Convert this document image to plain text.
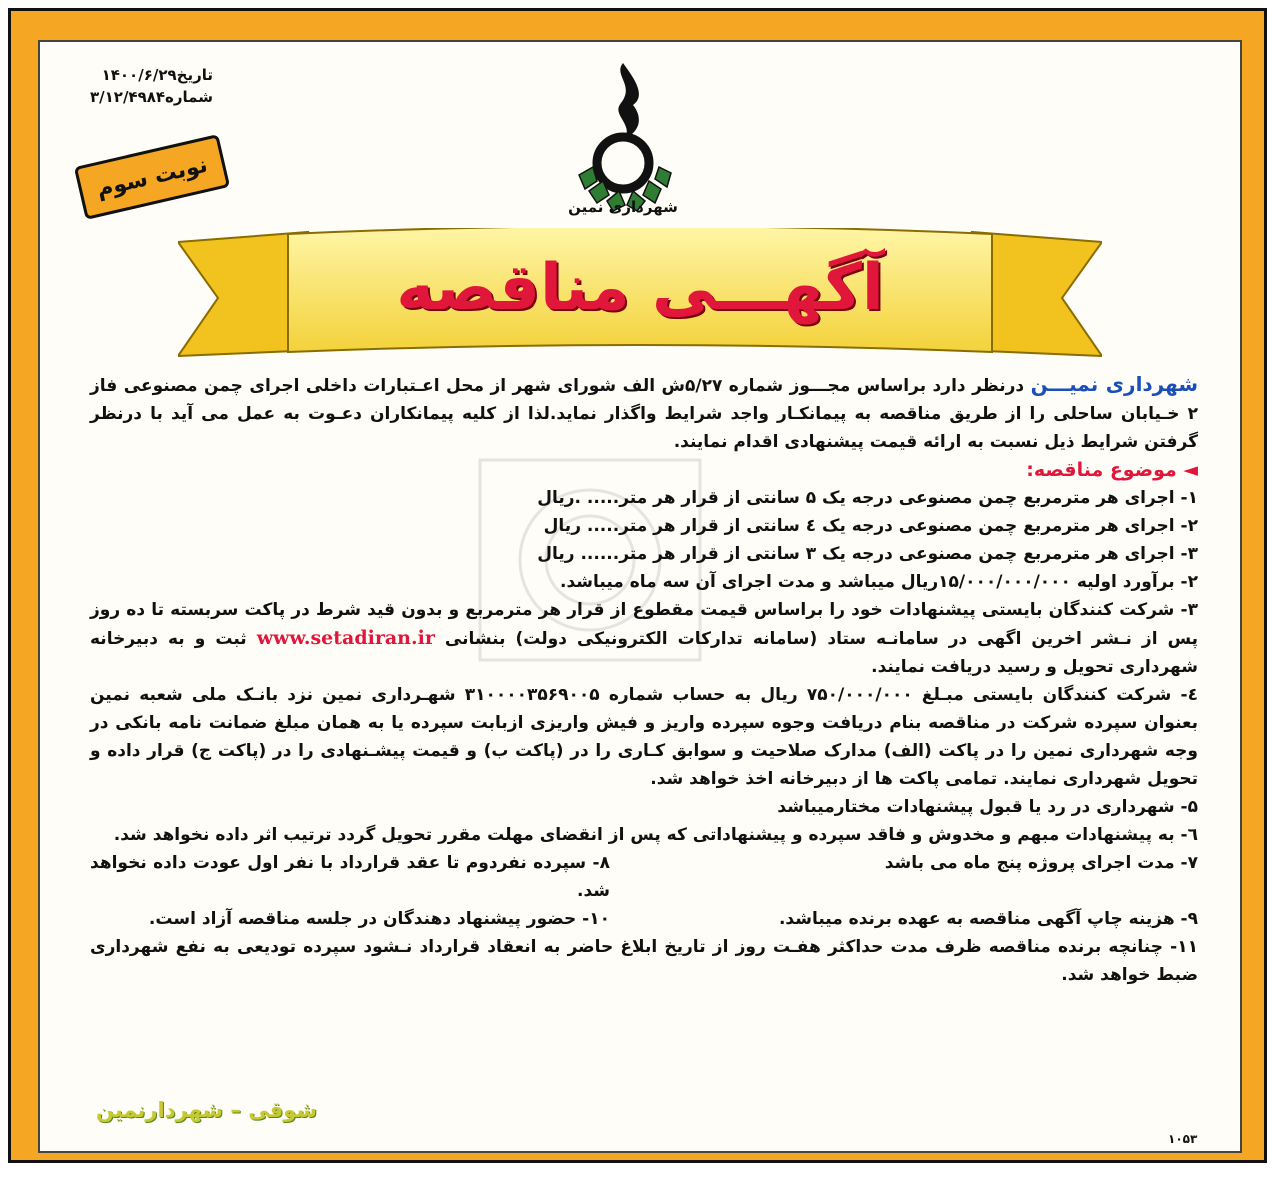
تاریخ۱۴۰۰/۶/۲۹
شماره۳/۱۲/۴۹۸۴
شهرداری نمین
نوبت سوم
آگهـــی مناقصه

شهرداری نمیـــن درنظر دارد براساس مجـــوز شماره ۵/۲۷ش الف شورای شهر از محل اعـتبارات داخلی اجرای چمن مصنوعی فاز ۲ خـیابان ساحلی را از طریق مناقصه به پیمانکـار واجد شرایط واگذار نماید.لذا از کلیه پیمانکاران دعـوت به عمل می آید با درنظر گرفتن شرایط ذیل نسبت به ارائه قیمت پیشنهادی اقدام نمایند.

◄ موضوع مناقصه:

۱- اجرای هر مترمربع چمن مصنوعی درجه یک ۵ سانتی از قرار هر متر..... .ریال

۲- اجرای هر مترمربع چمن مصنوعی درجه یک ٤ سانتی از قرار هر متر..... ریال

۳- اجرای هر مترمربع چمن مصنوعی درجه یک ۳ سانتی از قرار هر متر...... ریال

۲- برآورد اولیه ۱۵/۰۰۰/۰۰۰/۰۰۰ریال میباشد و مدت اجرای آن سه ماه میباشد.

۳- شرکت کنندگان بایستی پیشنهادات خود را براساس قیمت مقطوع از قرار هر مترمربع و بدون قید شرط در پاکت سربسته تا ده روز پس از نـشر اخرین اگهی در سامانـه ستاد (سامانه تدارکات الکترونیکی دولت) بنشانی www.setadiran.ir ثبت و به دبیرخانه شهرداری تحویل و رسید دریافت نمایند.

٤- شرکت کنندگان بایستی مبـلغ ۷۵۰/۰۰۰/۰۰۰ ریال به حساب شماره ۳۱۰۰۰۰۳۵۶۹۰۰۵ شهـرداری نمین نزد بانـک ملی شعبه نمین بعنوان سپرده شرکت در مناقصه بنام دریافت وجوه سپرده واریز و فیش واریزی ازبابت سپرده یا به همان مبلغ ضمانت نامه بانکی در وجه شهرداری نمین را در پاکت (الف) مدارک صلاحیت و سوابق کـاری را در (پاکت ب) و قیمت پیشـنهادی را در (پاکت ج) قرار داده و تحویل شهرداری نمایند. تمامی پاکت ها از دبیرخانه اخذ خواهد شد.

۵- شهرداری در رد یا قبول پیشنهادات مختارمیباشد

٦- به پیشنهادات مبهم و مخدوش و فاقد سپرده و پیشنهاداتی که پس از انقضای مهلت مقرر تحویل گردد ترتیب اثر داده نخواهد شد.

۷- مدت اجرای پروژه پنج ماه می باشد
۸- سپرده نفردوم تا عقد قرارداد با نفر اول عودت داده نخواهد شد.
۹- هزینه چاپ آگهی مناقصه به عهده برنده میباشد.
۱۰- حضور پیشنهاد دهندگان در جلسه مناقصه آزاد است.

۱۱- چنانچه برنده مناقصه ظرف مدت حداکثر هفـت روز از تاریخ ابلاغ حاضر به انعقاد قرارداد نـشود سپرده تودیعی به نفع شهرداری ضبط خواهد شد.

شوقی – شهردارنمین
۱۰۵۳
